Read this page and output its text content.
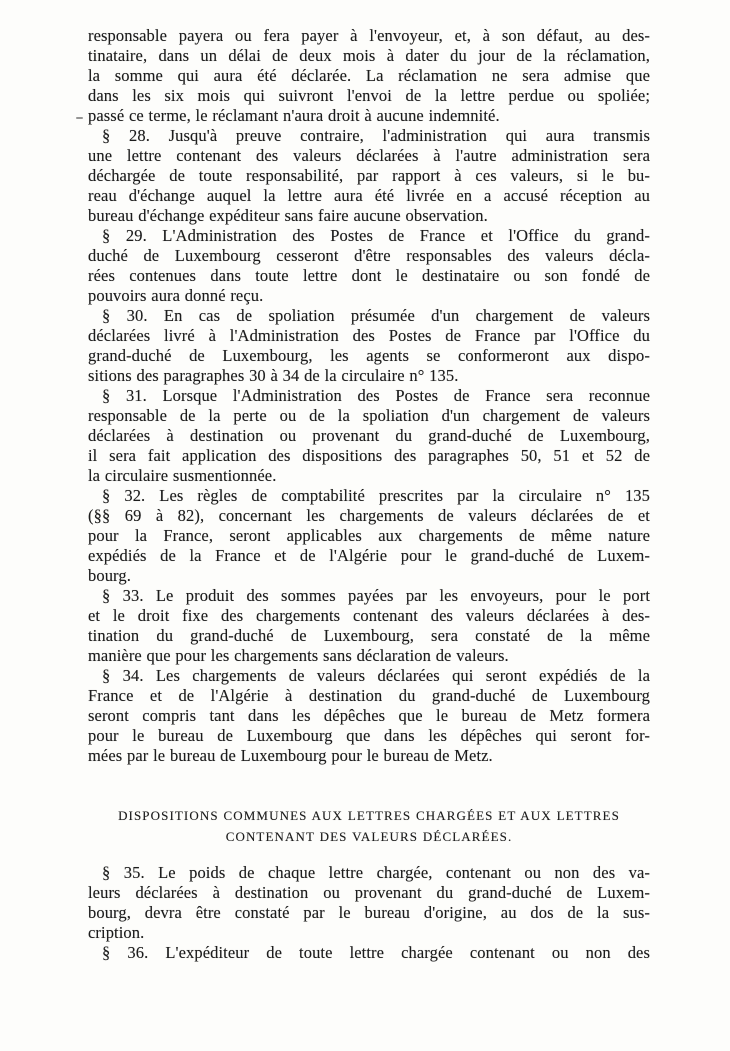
responsable payera ou fera payer à l'envoyeur, et, à son défaut, au des-
tinataire, dans un délai de deux mois à dater du jour de la réclamation,
la somme qui aura été déclarée. La réclamation ne sera admise que
dans les six mois qui suivront l'envoi de la lettre perdue ou spoliée;
passé ce terme, le réclamant n'aura droit à aucune indemnité.
§ 28. Jusqu'à preuve contraire, l'administration qui aura transmis
une lettre contenant des valeurs déclarées à l'autre administration sera
déchargée de toute responsabilité, par rapport à ces valeurs, si le bu-
reau d'échange auquel la lettre aura été livrée en a accusé réception au
bureau d'échange expéditeur sans faire aucune observation.
§ 29. L'Administration des Postes de France et l'Office du grand-
duché de Luxembourg cesseront d'être responsables des valeurs décla-
rées contenues dans toute lettre dont le destinataire ou son fondé de
pouvoirs aura donné reçu.
§ 30. En cas de spoliation présumée d'un chargement de valeurs
déclarées livré à l'Administration des Postes de France par l'Office du
grand-duché de Luxembourg, les agents se conformeront aux dispo-
sitions des paragraphes 30 à 34 de la circulaire n° 135.
§ 31. Lorsque l'Administration des Postes de France sera reconnue
responsable de la perte ou de la spoliation d'un chargement de valeurs
déclarées à destination ou provenant du grand-duché de Luxembourg,
il sera fait application des dispositions des paragraphes 50, 51 et 52 de
la circulaire susmentionnée.
§ 32. Les règles de comptabilité prescrites par la circulaire n° 135
(§§ 69 à 82), concernant les chargements de valeurs déclarées de et
pour la France, seront applicables aux chargements de même nature
expédiés de la France et de l'Algérie pour le grand-duché de Luxem-
bourg.
§ 33. Le produit des sommes payées par les envoyeurs, pour le port
et le droit fixe des chargements contenant des valeurs déclarées à des-
tination du grand-duché de Luxembourg, sera constaté de la même
manière que pour les chargements sans déclaration de valeurs.
§ 34. Les chargements de valeurs déclarées qui seront expédiés de la
France et de l'Algérie à destination du grand-duché de Luxembourg
seront compris tant dans les dépêches que le bureau de Metz formera
pour le bureau de Luxembourg que dans les dépêches qui seront for-
mées par le bureau de Luxembourg pour le bureau de Metz.
DISPOSITIONS COMMUNES AUX LETTRES CHARGÉES ET AUX LETTRES
CONTENANT DES VALEURS DÉCLARÉES.
§ 35. Le poids de chaque lettre chargée, contenant ou non des va-
leurs déclarées à destination ou provenant du grand-duché de Luxem-
bourg, devra être constaté par le bureau d'origine, au dos de la sus-
cription.
§ 36. L'expéditeur de toute lettre chargée contenant ou non des
